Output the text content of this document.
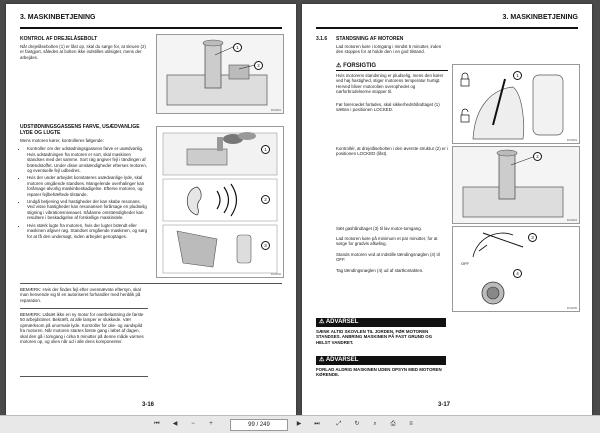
3. MASKINBETJENING
KONTROL AF DREJELÅSEBOLT
Når drejelåsebolten (1) er låst op, skal du sørge for, at skruen (2) er fastgjort, således at bolten ikke indstilles utilsigtet, mens der arbejdes.
1
2
FIG0001
UDSTØDNINGSGASSENS FARVE, USÆDVANLIGE LYDE OG LUGTE

Mens motoren kører, kontrolleres følgende:

• Kontroller om der udstødningsgassens farve er usædvanlig. Hvis udstødningen fra motoren er sort, skal maskinen standses med det samme. Sort røg angiver fejl i tändingen af brændstoffet. Under disse omstændigheder efterses motoren, og eventuelle fejl udbedres.
• Hvis der under arbejdet konstateres usædvanlige lyde, skal motoren omgående standses. Mangelende overhalinger kan forårsage alvorlig maskinbeskadigelse. Efterse motoren, og reparer fejlbehæftede tilstande.
• Undgå betjening ved hastigheder der kan skabe resonans. Ved visse hastigheder kan resonansen forårsage en pludselig stigning i vibrationsniveauet. Sådanne omstændigheder kan resultere i beskadigelse af forskellige maskindele.
• Hvis stærk lugte fra motoren, hvis der lugter brændt eller maskinen afgiver røg. Standset omgående maskinen, og sørg for at få den undersøgt, inden arbejdet genoptages.
1
2
3
FIG0002
BEMÆRK: Hvis der findes fejl efter ovennævnte eftersyn, skal man henvende sig til en autoriseret forhandler med henblik på reparation.
BEMÆRK: Udsæt ikke en ny motor for overbelastning de første 50 arbejdstimer. Bekræft, at alle lamper er slukkede. Vær opmærksom på unormale lyde. Kontroller for olie- og vandspild fra motoren. Når motoren startes første gang i løbet af dagen, skal den gå i tomgang i cirka 5 minutter på denne måde varmes motoren op, og olien når ud i alle dens komponenter.
3-16
3. MASKINBETJENING
3.1.6 STANDSNING AF MOTOREN
Lad motoren køre i tomgang i mindst 5 minutter, inden den stoppes for at holde den i en god tilstand.
⚠ FORSIGTIG
Hvis motorens standsning er pludselig, mens den kører ved høj hastighed, stiger motorens temperatur hurtigt. Herved bliver motorolien overophedet og nørforbrodelserne stopper til.
Før føreroedet forlades, skal sikkerhedshåndtaget (1) sættes i positionen LOCKED.
Kontrollér, at drejelåsebolten i den øverste struktur (2) er i positionen LOCKED (låst).
Sæt gashåndtaget (3) til lav motor-tomgang.
Lad motoren køre på minimum et par minutter, for at sørge for gradvis afkøling.
Stands motoren ved at indstille tændingsnøglen (4) til OFF.
Tag tændingsnøglen (4) ud af startkontakten.
1
FIG0003
2
FIG0004
3
4
OFF
FIG0005
⚠ ADVARSEL
SÆNK ALTID SKOVLEN TIL JORDEN, FØR MOTOREN STANDSES. ANBRING MASKINEN PÅ FAST GRUND OG HELST VANDRET.
⚠ ADVARSEL
FORLAD ALDRIG MASKINEN UDEN OPSYN MED MOTOREN KØRENDE.
3-17
⏮	◀	−	+	99 / 249	▶	⏭	⤢	↻	⌕	⎙	≡
